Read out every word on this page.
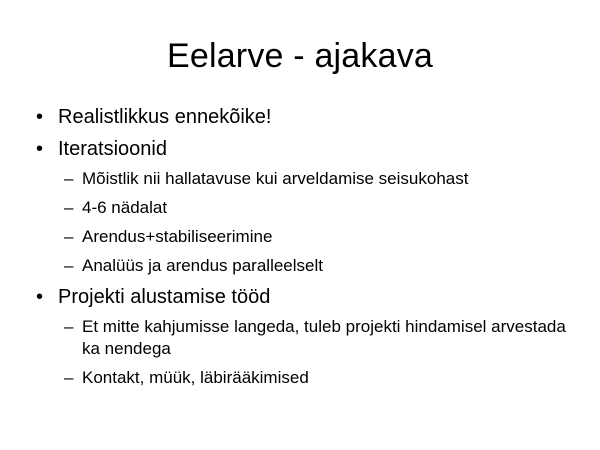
Eelarve - ajakava
• Realistlikkus ennekõike!
• Iteratsioonid
– Mõistlik nii hallatavuse kui arveldamise seisukohast
– 4-6 nädalat
– Arendus+stabiliseerimine
– Analüüs ja arendus paralleelselt
• Projekti alustamise tööd
– Et mitte kahjumisse langeda, tuleb projekti hindamisel arvestada ka nendega
– Kontakt, müük, läbirääkimised
